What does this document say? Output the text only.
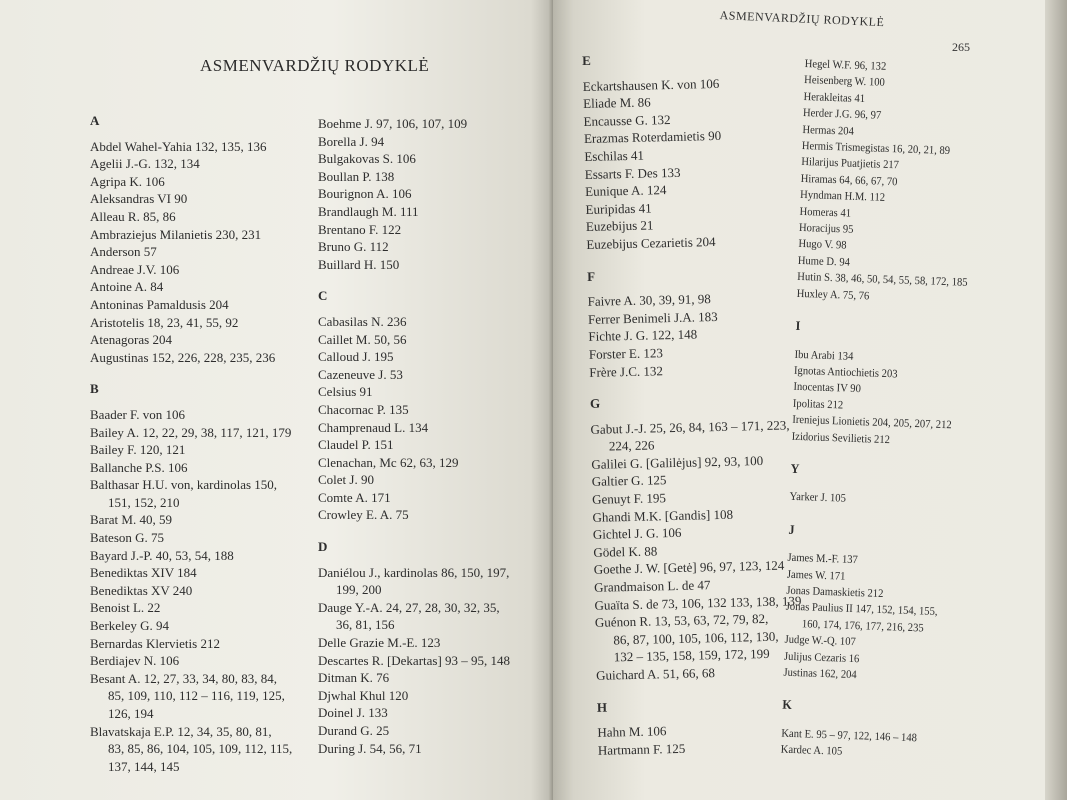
ASMENVARDŽIŲ RODYKLĖ
A
Abdel Wahel-Yahia 132, 135, 136
Agelii J.-G. 132, 134
Agripa K. 106
Aleksandras VI 90
Alleau R. 85, 86
Ambraziejus Milanietis 230, 231
Anderson 57
Andreae J.V. 106
Antoine A. 84
Antoninas Pamaldusis 204
Aristotelis 18, 23, 41, 55, 92
Atenagoras 204
Augustinas 152, 226, 228, 235, 236
B
Baader F. von 106
Bailey A. 12, 22, 29, 38, 117, 121, 179
Bailey F. 120, 121
Ballanche P.S. 106
Balthasar H.U. von, kardinolas 150,
151, 152, 210
Barat M. 40, 59
Bateson G. 75
Bayard J.-P. 40, 53, 54, 188
Benediktas XIV 184
Benediktas XV 240
Benoist L. 22
Berkeley G. 94
Bernardas Klervietis 212
Berdiajev N. 106
Besant A. 12, 27, 33, 34, 80, 83, 84,
85, 109, 110, 112 – 116, 119, 125,
126, 194
Blavatskaja E.P. 12, 34, 35, 80, 81,
83, 85, 86, 104, 105, 109, 112, 115,
137, 144, 145
Boehme J. 97, 106, 107, 109
Borella J. 94
Bulgakovas S. 106
Boullan P. 138
Bourignon A. 106
Brandlaugh M. 111
Brentano F. 122
Bruno G. 112
Buillard H. 150
C
Cabasilas N. 236
Caillet M. 50, 56
Calloud J. 195
Cazeneuve J. 53
Celsius 91
Chacornac P. 135
Champrenaud L. 134
Claudel P. 151
Clenachan, Mc 62, 63, 129
Colet J. 90
Comte A. 171
Crowley E. A. 75
D
Daniélou J., kardinolas 86, 150, 197,
199, 200
Dauge Y.-A. 24, 27, 28, 30, 32, 35,
36, 81, 156
Delle Grazie M.-E. 123
Descartes R. [Dekartas] 93 – 95, 148
Ditman K. 76
Djwhal Khul 120
Doinel J. 133
Durand G. 25
During J. 54, 56, 71
ASMENVARDŽIŲ RODYKLĖ
265
E
Eckartshausen K. von 106
Eliade M. 86
Encausse G. 132
Erazmas Roterdamietis 90
Eschilas 41
Essarts F. Des 133
Eunique A. 124
Euripidas 41
Euzebijus 21
Euzebijus Cezarietis 204
F
Faivre A. 30, 39, 91, 98
Ferrer Benimeli J.A. 183
Fichte J. G. 122, 148
Forster E. 123
Frère J.C. 132
G
Gabut J.-J. 25, 26, 84, 163 – 171, 223,
224, 226
Galilei G. [Galilėjus] 92, 93, 100
Galtier G. 125
Genuyt F. 195
Ghandi M.K. [Gandis] 108
Gichtel J. G. 106
Gödel K. 88
Goethe J. W. [Getė] 96, 97, 123, 124
Grandmaison L. de 47
Guaïta S. de 73, 106, 132 133, 138, 139
Guénon R. 13, 53, 63, 72, 79, 82,
86, 87, 100, 105, 106, 112, 130,
132 – 135, 158, 159, 172, 199
Guichard A. 51, 66, 68
H
Hahn M. 106
Hartmann F. 125
Hegel W.F. 96, 132
Heisenberg W. 100
Herakleitas 41
Herder J.G. 96, 97
Hermas 204
Hermis Trismegistas 16, 20, 21, 89
Hilarijus Puatjietis 217
Hiramas 64, 66, 67, 70
Hyndman H.M. 112
Homeras 41
Horacijus 95
Hugo V. 98
Hume D. 94
Hutin S. 38, 46, 50, 54, 55, 58, 172, 185
Huxley A. 75, 76
I
Ibu Arabi 134
Ignotas Antiochietis 203
Inocentas IV 90
Ipolitas 212
Ireniejus Lionietis 204, 205, 207, 212
Izidorius Sevilietis 212
Y
Yarker J. 105
J
James M.-F. 137
James W. 171
Jonas Damaskietis 212
Jonas Paulius II 147, 152, 154, 155,
160, 174, 176, 177, 216, 235
Judge W.-Q. 107
Julijus Cezaris 16
Justinas 162, 204
K
Kant E. 95 – 97, 122, 146 – 148
Kardec A. 105
